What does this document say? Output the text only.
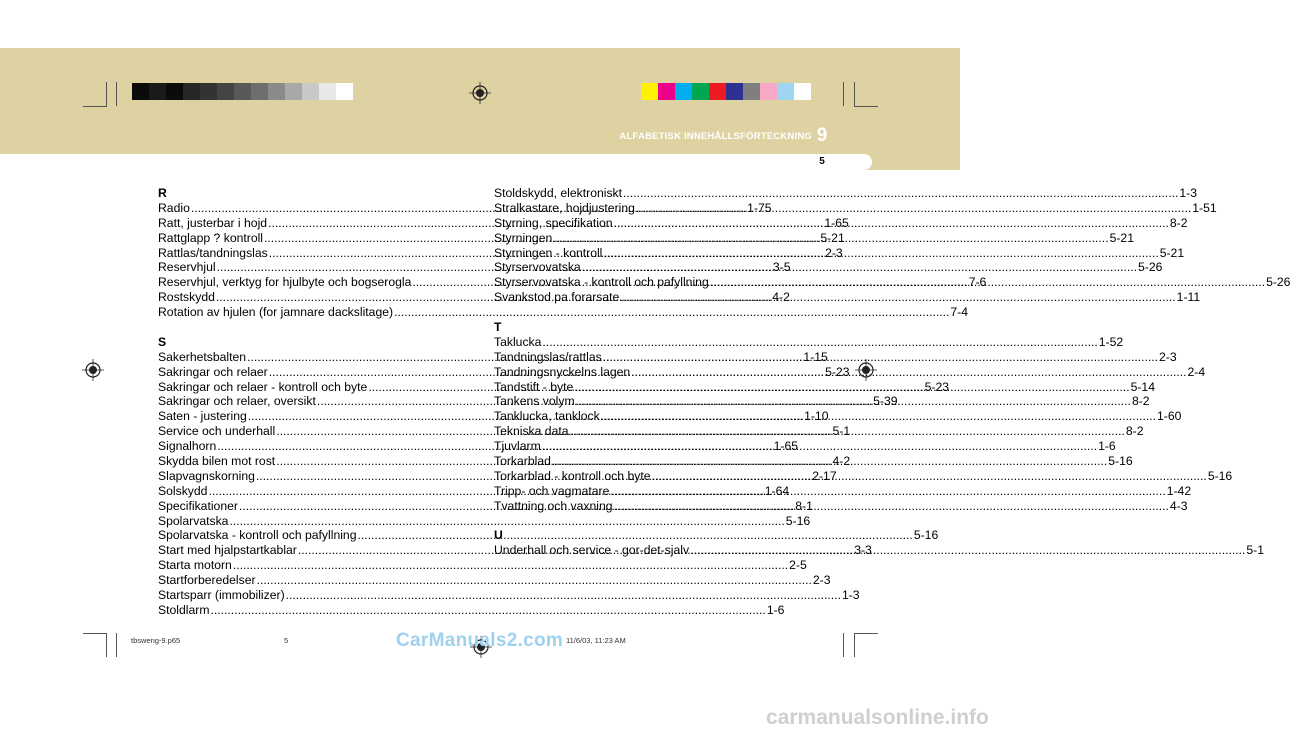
ALFABETISK INNEHÅLLSFÖRTECKNING 9
5
R
Radio .....	1-75
Ratt, justerbar i hojd .....	1-65
Rattglapp ? kontroll .....	5-21
Rattlas/tandningslas .....	2-3
Reservhjul .....	3-5
Reservhjul, verktyg for hjulbyte och bogserogla .....	7-6
Rostskydd .....	4-2
Rotation av hjulen (for jamnare dackslitage) .....	7-4
S
Sakerhetsbalten .....	1-15
Sakringar och relaer .....	5-23
Sakringar och relaer - kontroll och byte .....	5-23
Sakringar och relaer, oversikt .....	5-39
Saten - justering .....	1-10
Service och underhall .....	5-1
Signalhorn .....	1-65
Skydda bilen mot rost .....	4-2
Slapvagnskorning .....	2-17
Solskydd .....	1-64
Specifikationer .....	8-1
Spolarvatska .....	5-16
Spolarvatska - kontroll och pafyllning .....	5-16
Start med hjalpstartkablar .....	3-3
Starta motorn .....	2-5
Startforberedelser .....	2-3
Startsparr (immobilizer) .....	1-3
Stoldlarm .....	1-6
Stoldskydd, elektroniskt .....	1-3
Stralkastare, hojdjustering .....	1-51
Styrning, specifikation .....	8-2
Styrningen .....	5-21
Styrningen - kontroll .....	5-21
Styrservovatska .....	5-26
Styrservovatska - kontroll och pafyllning .....	5-26
Svankstod pa forarsate .....	1-11
T
Taklucka .....	1-52
Tandningslas/rattlas .....	2-3
Tandningsnyckelns lagen .....	2-4
Tandstift - byte .....	5-14
Tankens volym .....	8-2
Tanklucka, tanklock .....	1-60
Tekniska data .....	8-2
Tjuvlarm .....	1-6
Torkarblad .....	5-16
Torkarblad - kontroll och byte .....	5-16
Tripp- och vagmatare .....	1-42
Tvattning och vaxning .....	4-3
U
Underhall och service - gor-det-sjalv .....	5-1
tbsweng-9.p65	5	11/6/03, 11:23 AM
CarManuals2.com
carmanualsonline.info
